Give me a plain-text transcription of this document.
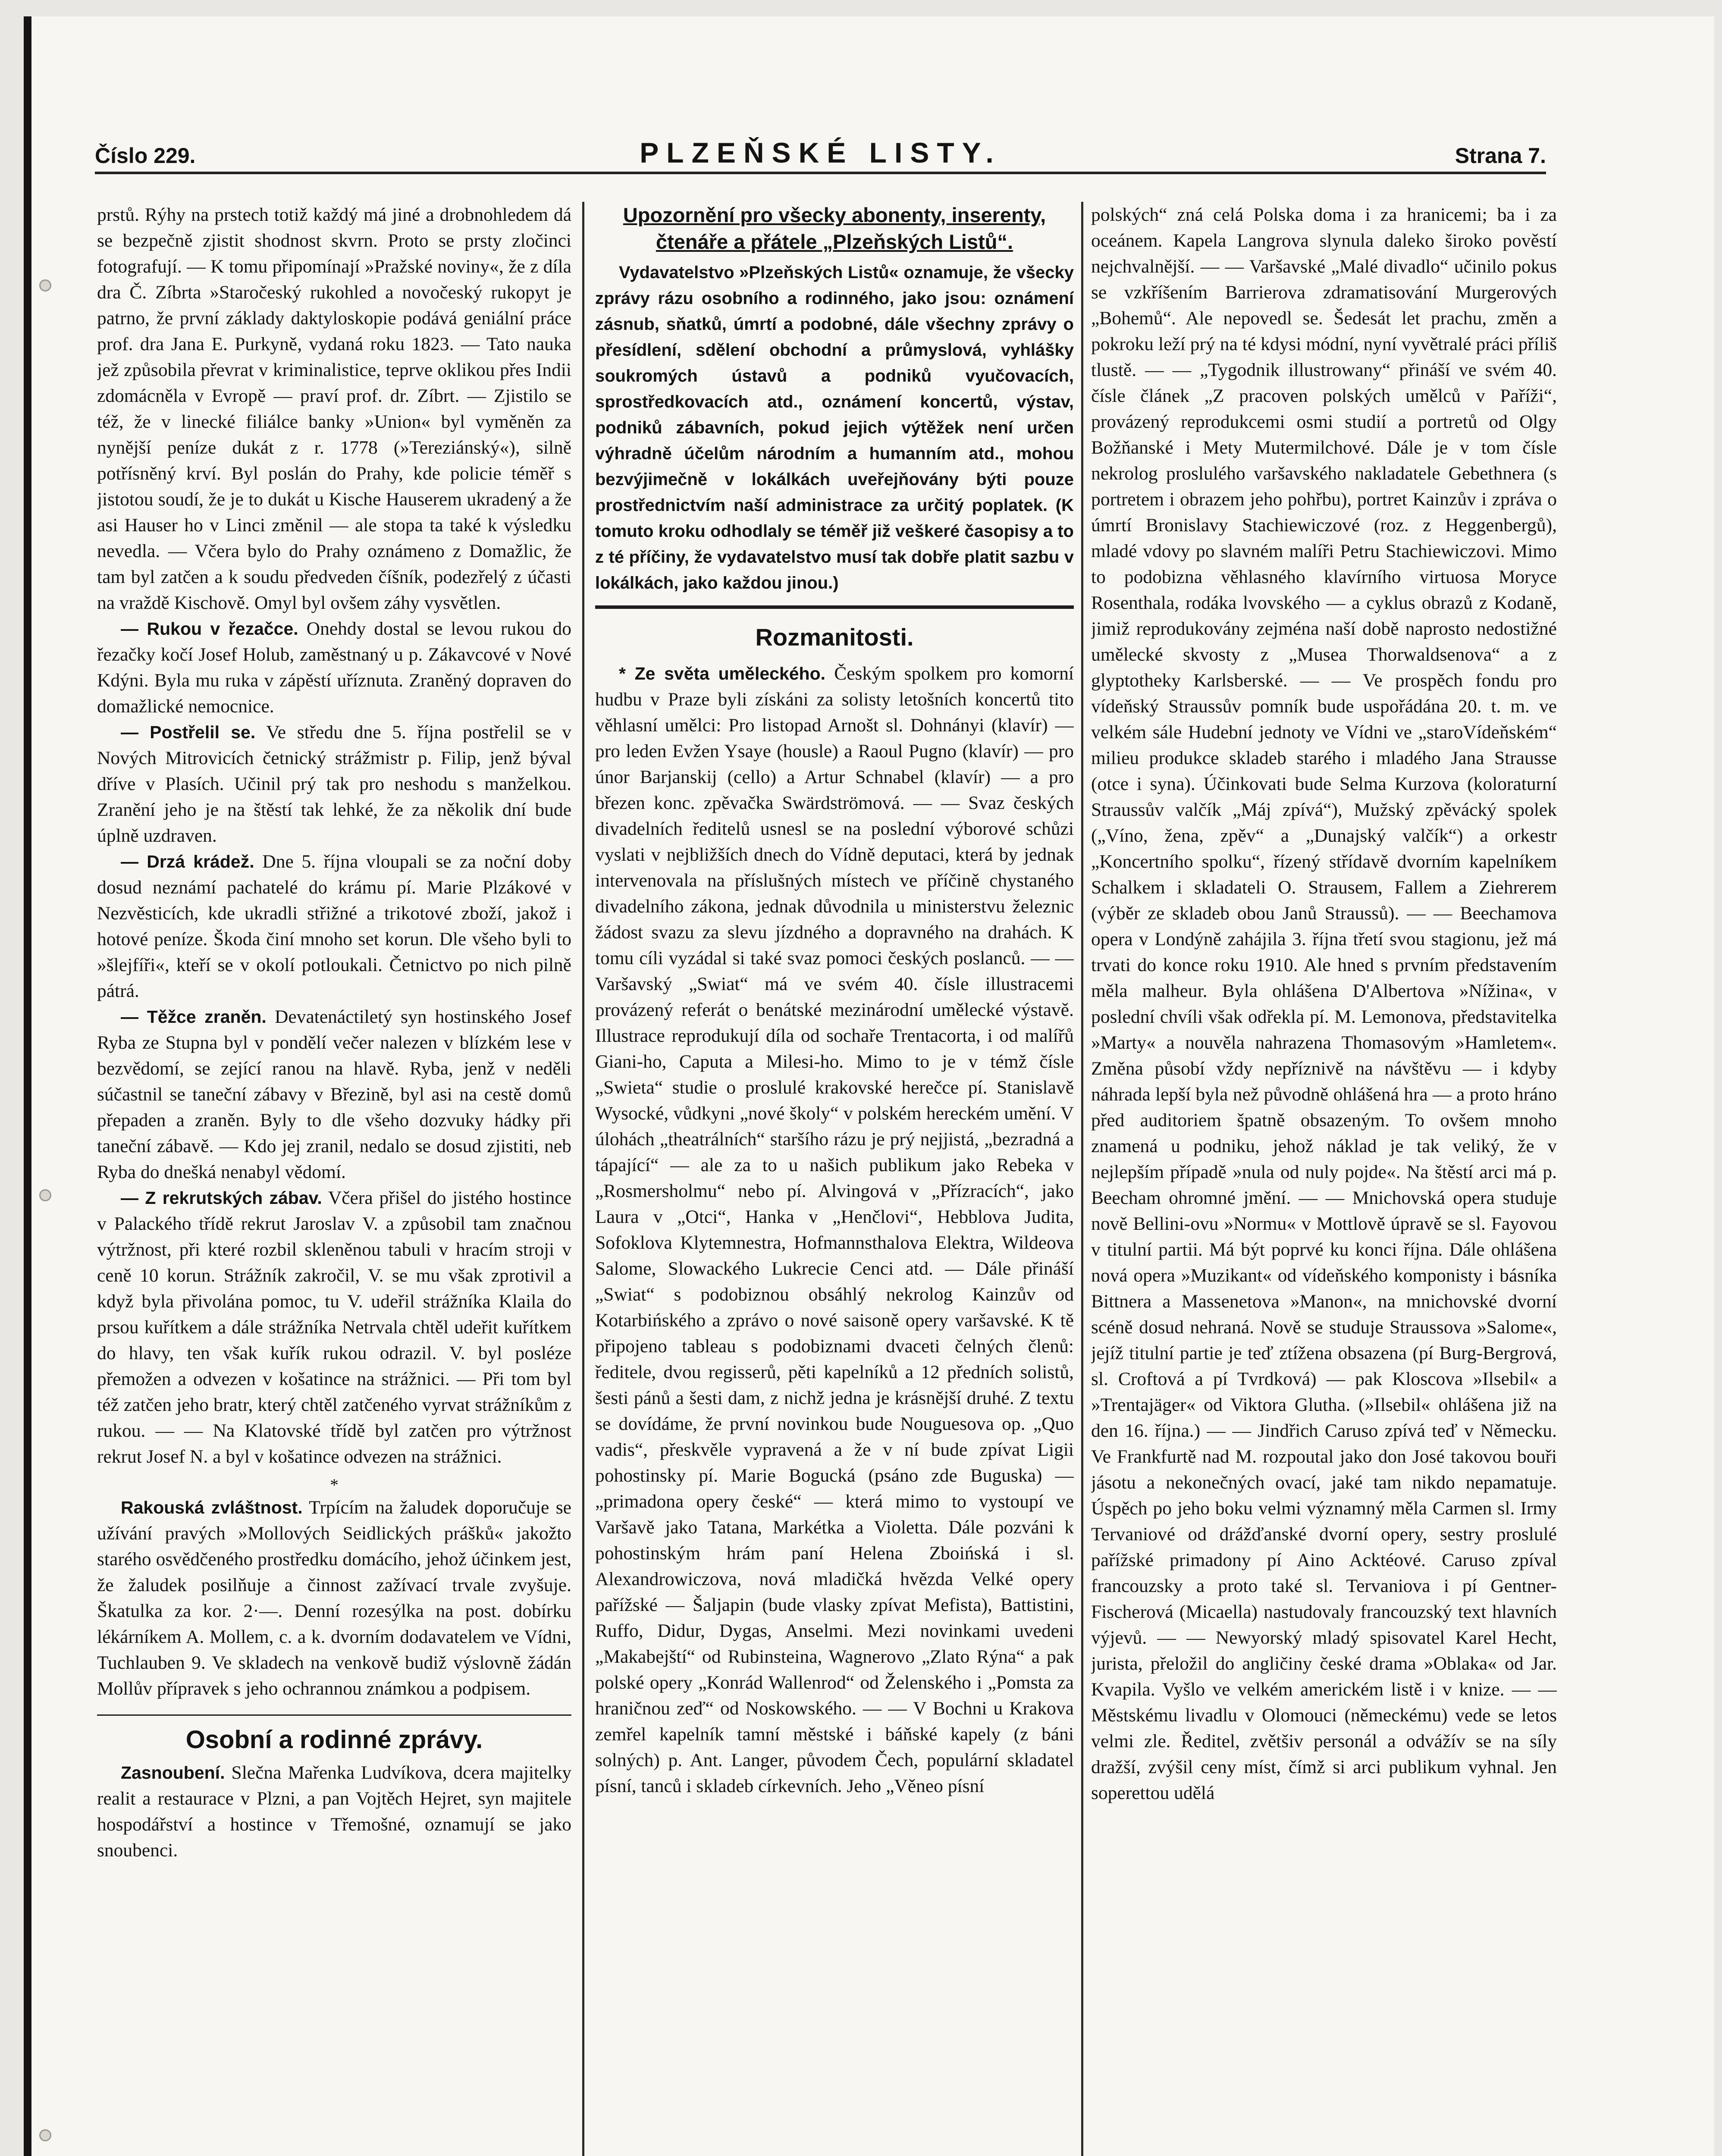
Číslo 229.	PLZEŇSKÉ LISTY.	Strana 7.

prstů. Rýhy na prstech totiž každý má jiné a drobnohledem dá se bezpečně zjistit shodnost skvrn. Proto se prsty zločinci fotografují. — K tomu připomínají »Pražské noviny«, že z díla dra Č. Zíbrta »Staročeský rukohled a novočeský rukopyt je patrno, že první základy daktyloskopie podává geniální práce prof. dra Jana E. Purkyně, vydaná roku 1823. — Tato nauka jež způsobila převrat v kriminalistice, teprve oklikou přes Indii zdomácněla v Evropě — praví prof. dr. Zíbrt. — Zjistilo se též, že v linecké filiálce banky »Union« byl vyměněn za nynější peníze dukát z r. 1778 (»Tereziánský«), silně potřísněný krví. Byl poslán do Prahy, kde policie téměř s jistotou soudí, že je to dukát u Kische Hauserem ukradený a že asi Hauser ho v Linci změnil — ale stopa ta také k výsledku nevedla. — Včera bylo do Prahy oznámeno z Domažlic, že tam byl zatčen a k soudu předveden číšník, podezřelý z účasti na vraždě Kischově. Omyl byl ovšem záhy vysvětlen.

— Rukou v řezačce. Onehdy dostal se levou rukou do řezačky kočí Josef Holub, zaměstnaný u p. Zákavcové v Nové Kdýni. Byla mu ruka v zápěstí uříznuta. Zraněný dopraven do domažlické nemocnice.

— Postřelil se. Ve středu dne 5. října postřelil se v Nových Mitrovicích četnický strážmistr p. Filip, jenž býval dříve v Plasích. Učinil prý tak pro neshodu s manželkou. Zranění jeho je na štěstí tak lehké, že za několik dní bude úplně uzdraven.

— Drzá krádež. Dne 5. října vloupali se za noční doby dosud neznámí pachatelé do krámu pí. Marie Plzákové v Nezvěsticích, kde ukradli střižné a trikotové zboží, jakož i hotové peníze. Škoda činí mnoho set korun. Dle všeho byli to »šlejfíři«, kteří se v okolí potloukali. Četnictvo po nich pilně pátrá.

— Těžce zraněn. Devatenáctiletý syn hostinského Josef Ryba ze Stupna byl v pondělí večer nalezen v blízkém lese v bezvědomí, se zející ranou na hlavě. Ryba, jenž v neděli súčastnil se taneční zábavy v Březině, byl asi na cestě domů přepaden a zraněn. Byly to dle všeho dozvuky hádky při taneční zábavě. — Kdo jej zranil, nedalo se dosud zjistiti, neb Ryba do dnešká nenabyl vědomí.

— Z rekrutských zábav. Včera přišel do jistého hostince v Palackého třídě rekrut Jaroslav V. a způsobil tam značnou výtržnost, při které rozbil skleněnou tabuli v hracím stroji v ceně 10 korun. Strážník zakročil, V. se mu však zprotivil a když byla přivolána pomoc, tu V. udeřil strážníka Klaila do prsou kuřítkem a dále strážníka Netrvala chtěl udeřit kuřítkem do hlavy, ten však kuřík rukou odrazil. V. byl posléze přemožen a odvezen v košatince na strážnici. — Při tom byl též zatčen jeho bratr, který chtěl zatčeného vyrvat strážníkům z rukou. — — Na Klatovské třídě byl zatčen pro výtržnost rekrut Josef N. a byl v košatince odvezen na strážnici.

*

Rakouská zvláštnost. Trpícím na žaludek doporučuje se užívání pravých »Mollových Seidlických prášků« jakožto starého osvědčeného prostředku domácího, jehož účinkem jest, že žaludek posilňuje a činnost zažívací trvale zvyšuje. Škatulka za kor. 2·—. Denní rozesýlka na post. dobírku lékárníkem A. Mollem, c. a k. dvorním dodavatelem ve Vídni, Tuchlauben 9. Ve skladech na venkově budiž výslovně žádán Mollův přípravek s jeho ochrannou známkou a podpisem.

Osobní a rodinné zprávy.

Zasnoubení. Slečna Mařenka Ludvíkova, dcera majitelky realit a restaurace v Plzni, a pan Vojtěch Hejret, syn majitele hospodářství a hostince v Třemošné, oznamují se jako snoubenci.

Upozornění pro všecky abonenty, inserenty, čtenáře a přátele „Plzeňských Listů“.

Vydavatelstvo »Plzeňských Listů« oznamuje, že všecky zprávy rázu osobního a rodinného, jako jsou: oznámení zásnub, sňatků, úmrtí a podobné, dále všechny zprávy o přesídlení, sdělení obchodní a průmyslová, vyhlášky soukromých ústavů a podniků vyučovacích, sprostředkovacích atd., oznámení koncertů, výstav, podniků zábavních, pokud jejich výtěžek není určen výhradně účelům národním a humanním atd., mohou bezvýjimečně v lokálkách uveřejňovány býti pouze prostřednictvím naší administrace za určitý poplatek. (K tomuto kroku odhodlaly se téměř již veškeré časopisy a to z té příčiny, že vydavatelstvo musí tak dobře platit sazbu v lokálkách, jako každou jinou.)

Rozmanitosti.

* Ze světa uměleckého. Českým spolkem pro komorní hudbu v Praze byli získáni za solisty letošních koncertů tito věhlasní umělci: Pro listopad Arnošt sl. Dohnányi (klavír) — pro leden Evžen Ysaye (housle) a Raoul Pugno (klavír) — pro únor Barjanskij (cello) a Artur Schnabel (klavír) — a pro březen konc. zpěvačka Swärdströmová. — — Svaz českých divadelních ředitelů usnesl se na poslední výborové schůzi vyslati v nejbližších dnech do Vídně deputaci, která by jednak intervenovala na příslušných místech ve příčině chystaného divadelního zákona, jednak důvodnila u ministerstvu železnic žádost svazu za slevu jízdného a dopravného na drahách. K tomu cíli vyzádal si také svaz pomoci českých poslanců. — — Varšavský „Swiat“ má ve svém 40. čísle illustracemi provázený referát o benátské mezinárodní umělecké výstavě. Illustrace reprodukují díla od sochaře Trentacorta, i od malířů Giani-ho, Caputa a Milesi-ho. Mimo to je v témž čísle „Swieta“ studie o proslulé krakovské herečce pí. Stanislavě Wysocké, vůdkyni „nové školy“ v polském hereckém umění. V úlohách „theatrálních“ staršího rázu je prý nejjistá, „bezradná a tápající“ — ale za to u našich publikum jako Rebeka v „Rosmersholmu“ nebo pí. Alvingová v „Přízracích“, jako Laura v „Otci“, Hanka v „Henčlovi“, Hebblova Judita, Sofoklova Klytemnestra, Hofmannsthalova Elektra, Wildeova Salome, Slowackého Lukrecie Cenci atd. — Dále přináší „Swiat“ s podobiznou obsáhlý nekrolog Kainzův od Kotarbińského a zprávo o nové saisoně opery varšavské. K tě připojeno tableau s podobiznami dvaceti čelných členů: ředitele, dvou regisserů, pěti kapelníků a 12 předních solistů, šesti pánů a šesti dam, z nichž jedna je krásnější druhé. Z textu se dovídáme, že první novinkou bude Nouguesova op. „Quo vadis“, přeskvěle vypravená a že v ní bude zpívat Ligii pohostinsky pí. Marie Bogucká (psáno zde Buguska) — „primadona opery české“ — která mimo to vystoupí ve Varšavě jako Tatana, Markétka a Violetta. Dále pozváni k pohostinským hrám paní Helena Zboińská i sl. Alexandrowiczova, nová mladičká hvězda Velké opery pařížské — Šaljapin (bude vlasky zpívat Mefista), Battistini, Ruffo, Didur, Dygas, Anselmi. Mezi novinkami uvedeni „Makabejští“ od Rubinsteina, Wagnerovo „Zlato Rýna“ a pak polské opery „Konrád Wallenrod“ od Želenského i „Pomsta za hraničnou zeď“ od Noskowského. — — V Bochni u Krakova zemřel kapelník tamní městské i báňské kapely (z báni solných) p. Ant. Langer, původem Čech, populární skladatel písní, tanců i skladeb církevních. Jeho „Věneo písní

polských“ zná celá Polska doma i za hranicemi; ba i za oceánem. Kapela Langrova slynula daleko široko pověstí nejchvalnější. — — Varšavské „Malé divadlo“ učinilo pokus se vzkříšením Barrierova zdramatisování Murgerových „Bohemů“. Ale nepovedl se. Šedesát let prachu, změn a pokroku leží prý na té kdysi módní, nyní vyvětralé práci příliš tlustě. — — „Tygodnik illustrowany“ přináší ve svém 40. čísle článek „Z pracoven polských umělců v Paříži“, provázený reprodukcemi osmi studií a portretů od Olgy Božňanské i Mety Mutermilchové. Dále je v tom čísle nekrolog proslulého varšavského nakladatele Gebethnera (s portretem i obrazem jeho pohřbu), portret Kainzův i zpráva o úmrtí Bronislavy Stachiewiczové (roz. z Heggenbergů), mladé vdovy po slavném malíři Petru Stachiewiczovi. Mimo to podobizna věhlasného klavírního virtuosa Moryce Rosenthala, rodáka lvovského — a cyklus obrazů z Kodaně, jimiž reprodukovány zejména naší době naprosto nedostižné umělecké skvosty z „Musea Thorwaldsenova“ a z glyptotheky Karlsberské. — — Ve prospěch fondu pro vídeňský Straussův pomník bude uspořádána 20. t. m. ve velkém sále Hudební jednoty ve Vídni ve „staroVídeňském“ milieu produkce skladeb starého i mladého Jana Strausse (otce i syna). Účinkovati bude Selma Kurzova (koloraturní Straussův valčík „Máj zpívá“), Mužský zpěvácký spolek („Víno, žena, zpěv“ a „Dunajský valčík“) a orkestr „Koncertního spolku“, řízený střídavě dvorním kapelníkem Schalkem i skladateli O. Strausem, Fallem a Ziehrerem (výběr ze skladeb obou Janů Straussů). — — Beechamova opera v Londýně zahájila 3. října třetí svou stagionu, jež má trvati do konce roku 1910. Ale hned s prvním představením měla malheur. Byla ohlášena D'Albertova »Nížina«, v poslední chvíli však odřekla pí. M. Lemonova, představitelka »Marty« a nouvěla nahrazena Thomasovým »Hamletem«. Změna působí vždy nepříznivě na návštěvu — i kdyby náhrada lepší byla než původně ohlášená hra — a proto hráno před auditoriem špatně obsazeným. To ovšem mnoho znamená u podniku, jehož náklad je tak veliký, že v nejlepším případě »nula od nuly pojde«. Na štěstí arci má p. Beecham ohromné jmění. — — Mnichovská opera studuje nově Bellini-ovu »Normu« v Mottlově úpravě se sl. Fayovou v titulní partii. Má být poprvé ku konci října. Dále ohlášena nová opera »Muzikant« od vídeňského komponisty i básníka Bittnera a Massenetova »Manon«, na mnichovské dvorní scéně dosud nehraná. Nově se studuje Straussova »Salome«, jejíž titulní partie je teď ztížena obsazena (pí Burg-Bergrová, sl. Croftová a pí Tvrdková) — pak Kloscova »Ilsebil« a »Trentajäger« od Viktora Glutha. (»Ilsebil« ohlášena již na den 16. října.) — — Jindřich Caruso zpívá teď v Německu. Ve Frankfurtě nad M. rozpoutal jako don José takovou bouři jásotu a nekonečných ovací, jaké tam nikdo nepamatuje. Úspěch po jeho boku velmi významný měla Carmen sl. Irmy Tervaniové od drážďanské dvorní opery, sestry proslulé pařížské primadony pí Aino Acktéové. Caruso zpíval francouzsky a proto také sl. Tervaniova i pí Gentner-Fischerová (Micaella) nastudovaly francouzský text hlavních výjevů. — — Newyorský mladý spisovatel Karel Hecht, jurista, přeložil do angličiny české drama »Oblaka« od Jar. Kvapila. Vyšlo ve velkém americkém listě i v knize. — — Městskému livadlu v Olomouci (německému) vede se letos velmi zle. Ředitel, zvětšiv personál a odvážív se na síly dražší, zvýšil ceny míst, čímž si arci publikum vyhnal. Jen soperettou udělá
